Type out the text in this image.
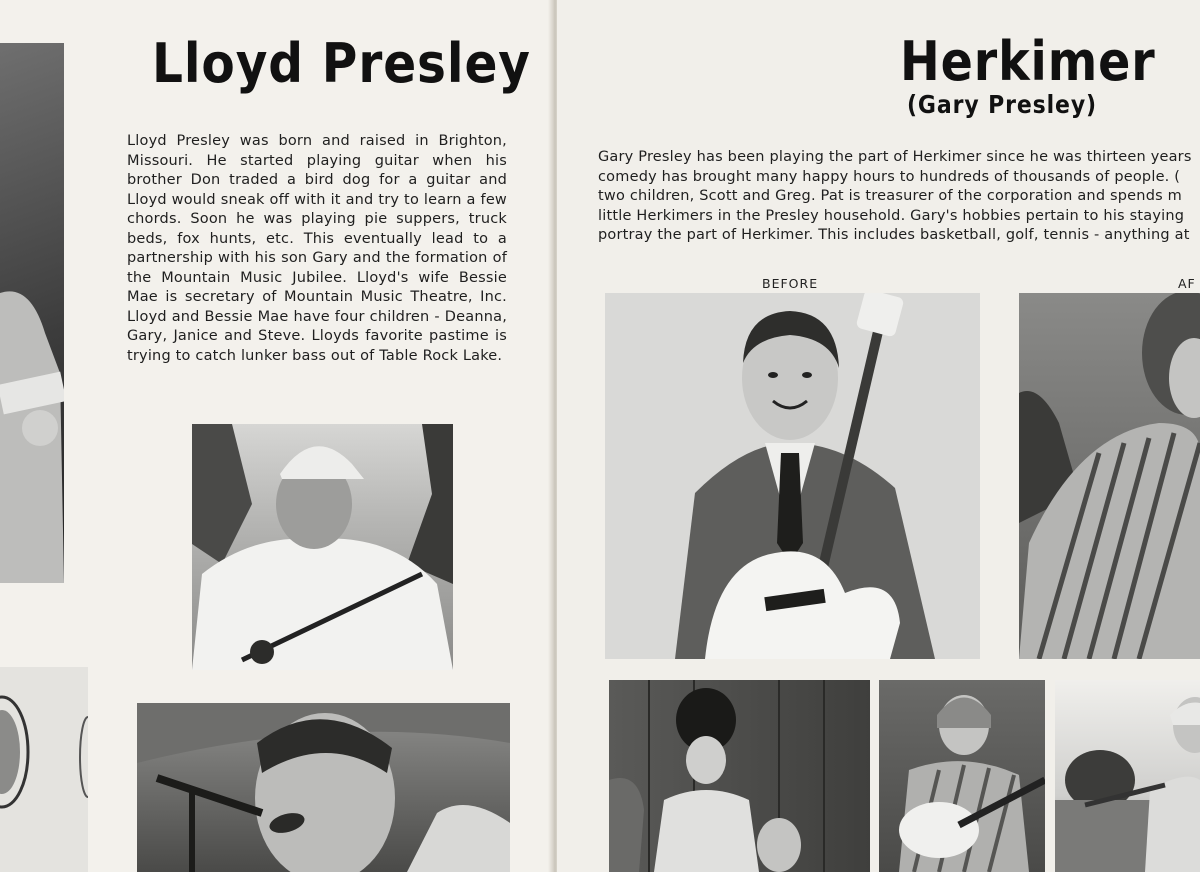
Lloyd Presley

Lloyd Presley was born and raised in Brighton, Missouri. He started playing guitar when his brother Don traded a bird dog for a guitar and Lloyd would sneak off with it and try to learn a few chords. Soon he was playing pie suppers, truck beds, fox hunts, etc. This eventually lead to a partnership with his son Gary and the formation of the Mountain Music Jubilee. Lloyd's wife Bessie Mae is secretary of Mountain Music Theatre, Inc. Lloyd and Bessie Mae have four children - Deanna, Gary, Janice and Steve. Lloyds favorite pastime is trying to catch lunker bass out of Table Rock Lake.

Herkimer
(Gary Presley)
Gary Presley has been playing the part of Herkimer since he was thirteen years
comedy has brought many happy hours to hundreds of thousands of people. (
two children, Scott and Greg. Pat is treasurer of the corporation and spends m
little Herkimers in the Presley household. Gary's hobbies pertain to his staying
portray the part of Herkimer. This includes basketball, golf, tennis - anything at

BEFORE	AF
